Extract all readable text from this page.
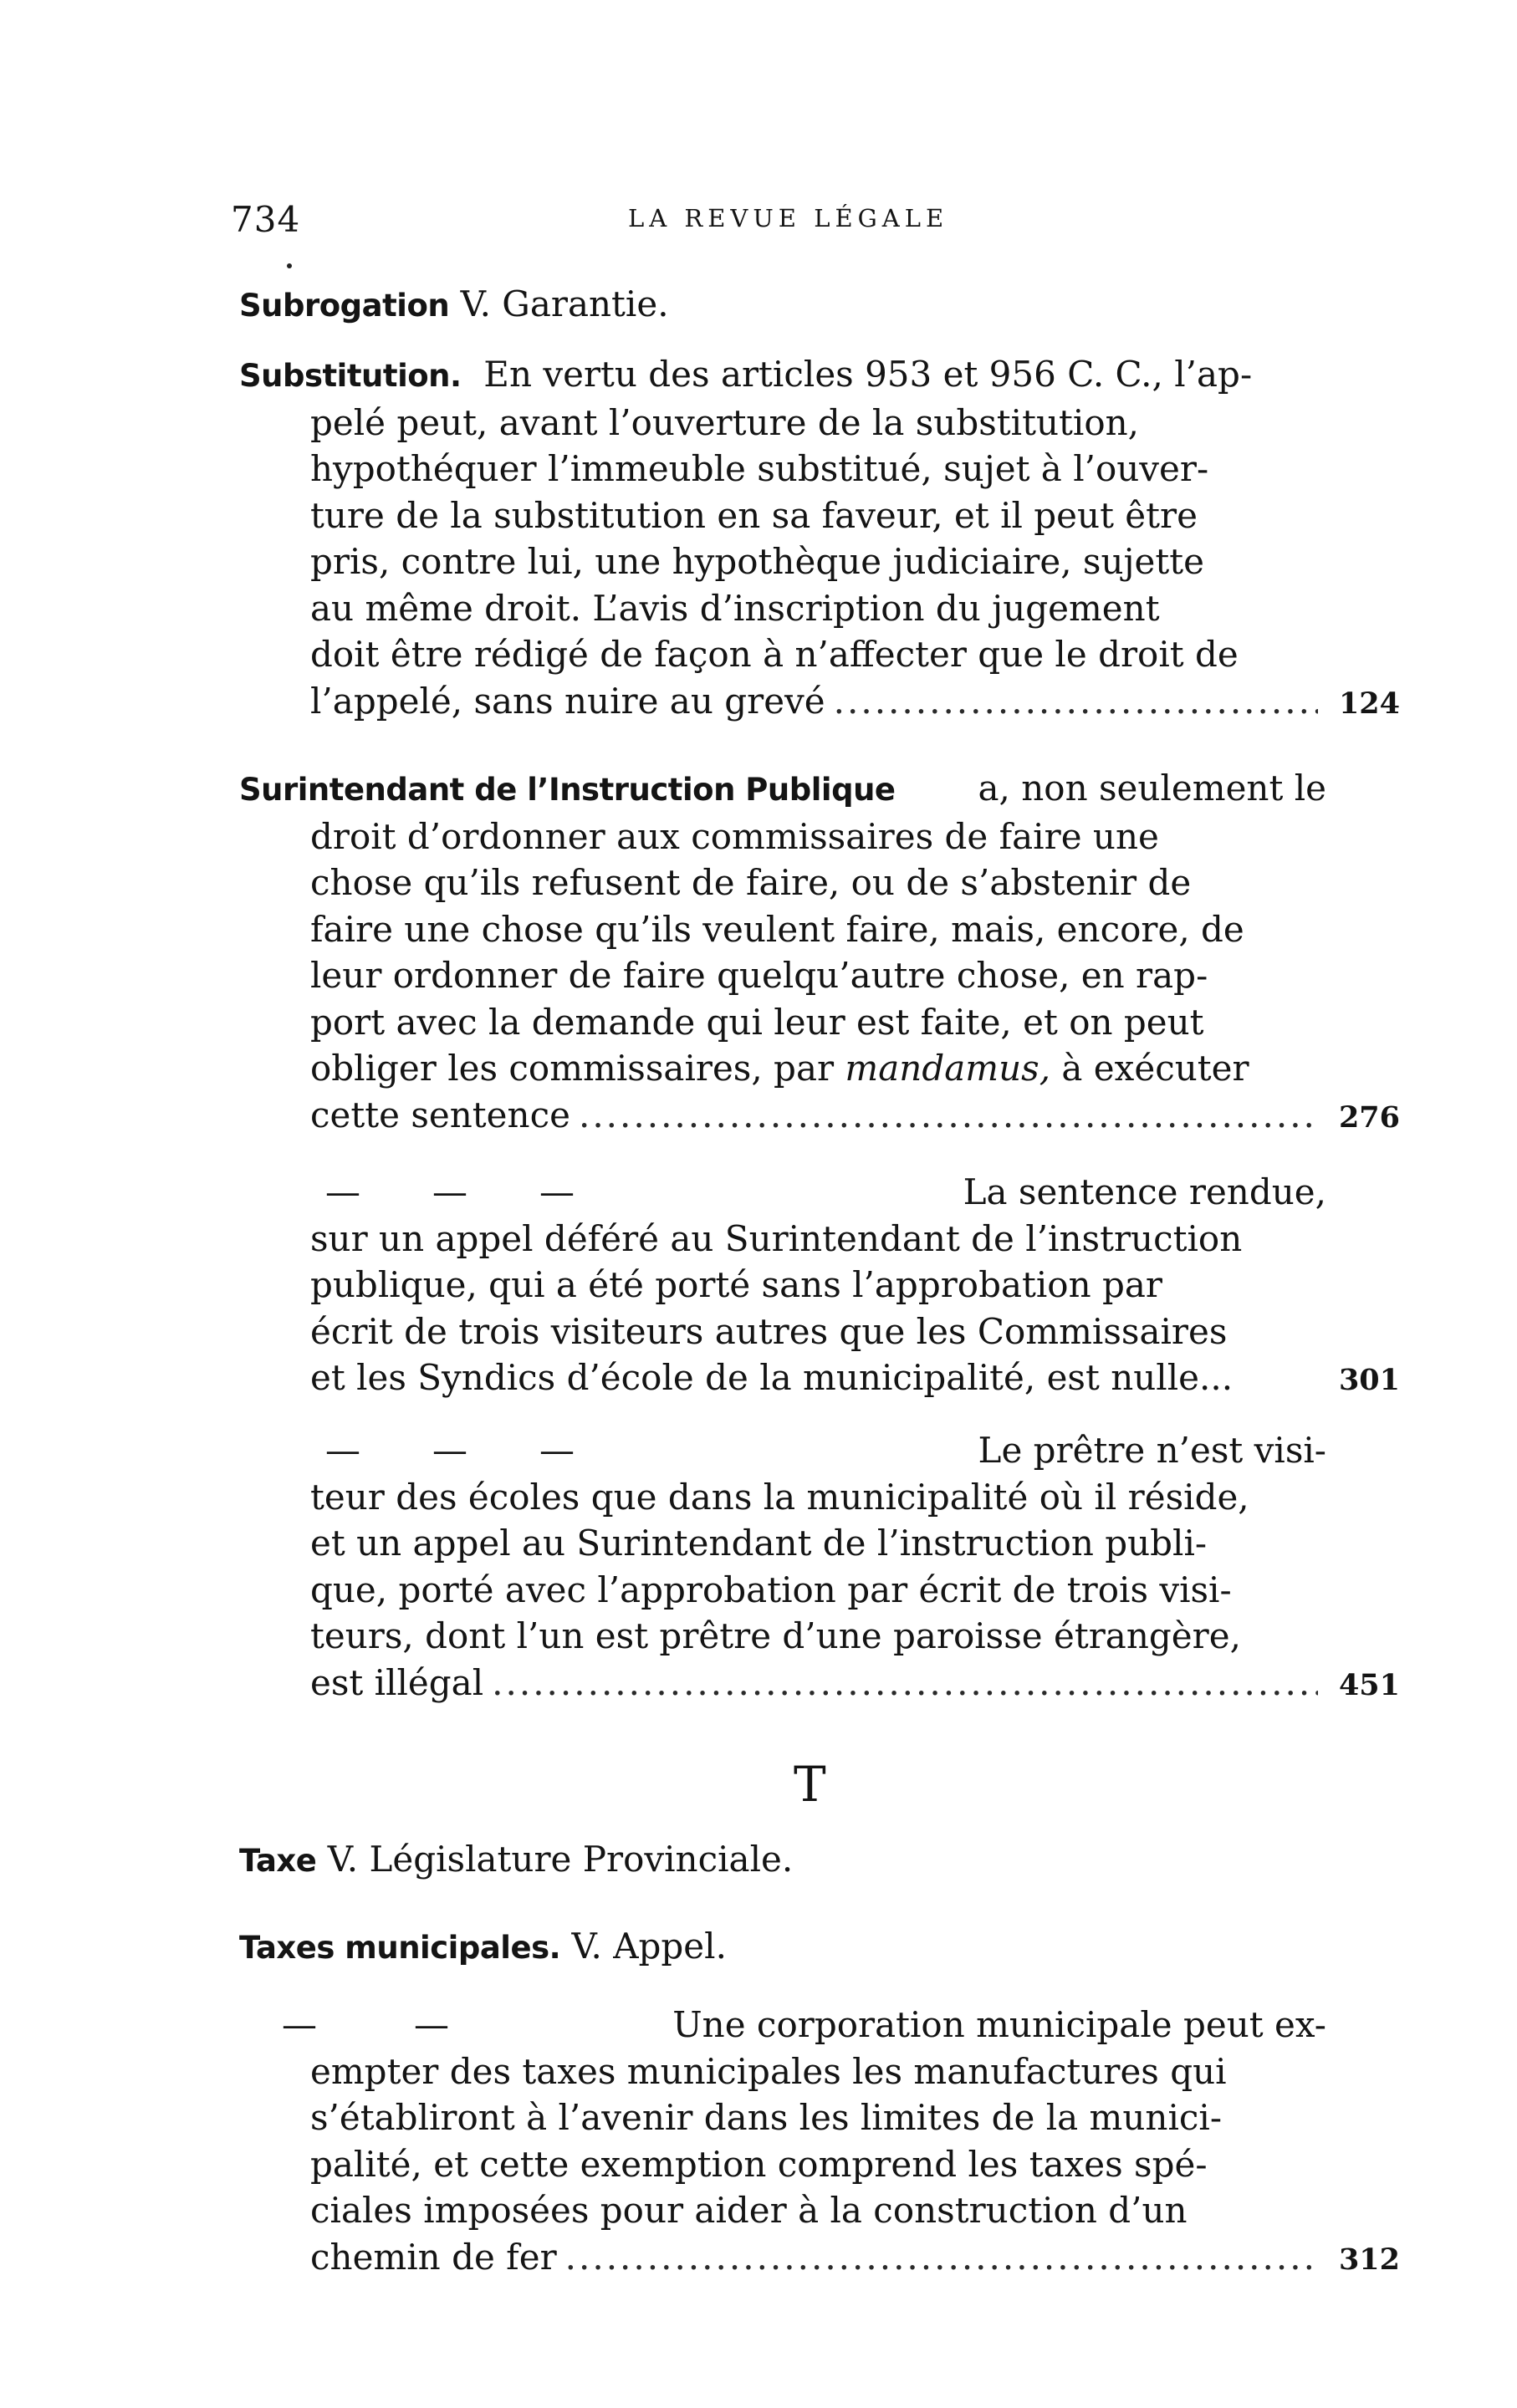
734	LA REVUE LÉGALE
Subrogation
V. Garantie.
Substitution. En vertu des articles 953 et 956 C. C., l’ap-
pelé peut, avant l’ouverture de la substitution,
hypothéquer l’immeuble substitué, sujet à l’ouver-
ture de la substitution en sa faveur, et il peut être
pris, contre lui, une hypothèque judiciaire, sujette
au même droit. L’avis d’inscription du jugement
doit être rédigé de façon à n’affecter que le droit de
l’appelé, sans nuire au grevé .....	124
Surintendant de l’Instruction Publique a, non seulement le
droit d’ordonner aux commissaires de faire une
chose qu’ils refusent de faire, ou de s’abstenir de
faire une chose qu’ils veulent faire, mais, encore, de
leur ordonner de faire quelqu’autre chose, en rap-
port avec la demande qui leur est faite, et on peut
obliger les commissaires, par mandamus, à exécuter
cette sentence .....	276
— — —	La sentence rendue,
sur un appel déféré au Surintendant de l’instruction
publique, qui a été porté sans l’approbation par
écrit de trois visiteurs autres que les Commissaires
et les Syndics d’école de la municipalité, est nulle...	301
— — —	Le prêtre n’est visi-
teur des écoles que dans la municipalité où il réside,
et un appel au Surintendant de l’instruction publi-
que, porté avec l’approbation par écrit de trois visi-
teurs, dont l’un est prêtre d’une paroisse étrangère,
est illégal .....	451
T
Taxe
V. Législature Provinciale.
Taxes municipales.
V. Appel.
—	—	Une corporation municipale peut ex-
empter des taxes municipales les manufactures qui
s’établiront à l’avenir dans les limites de la munici-
palité, et cette exemption comprend les taxes spé-
ciales imposées pour aider à la construction d’un
chemin de fer .....	312
